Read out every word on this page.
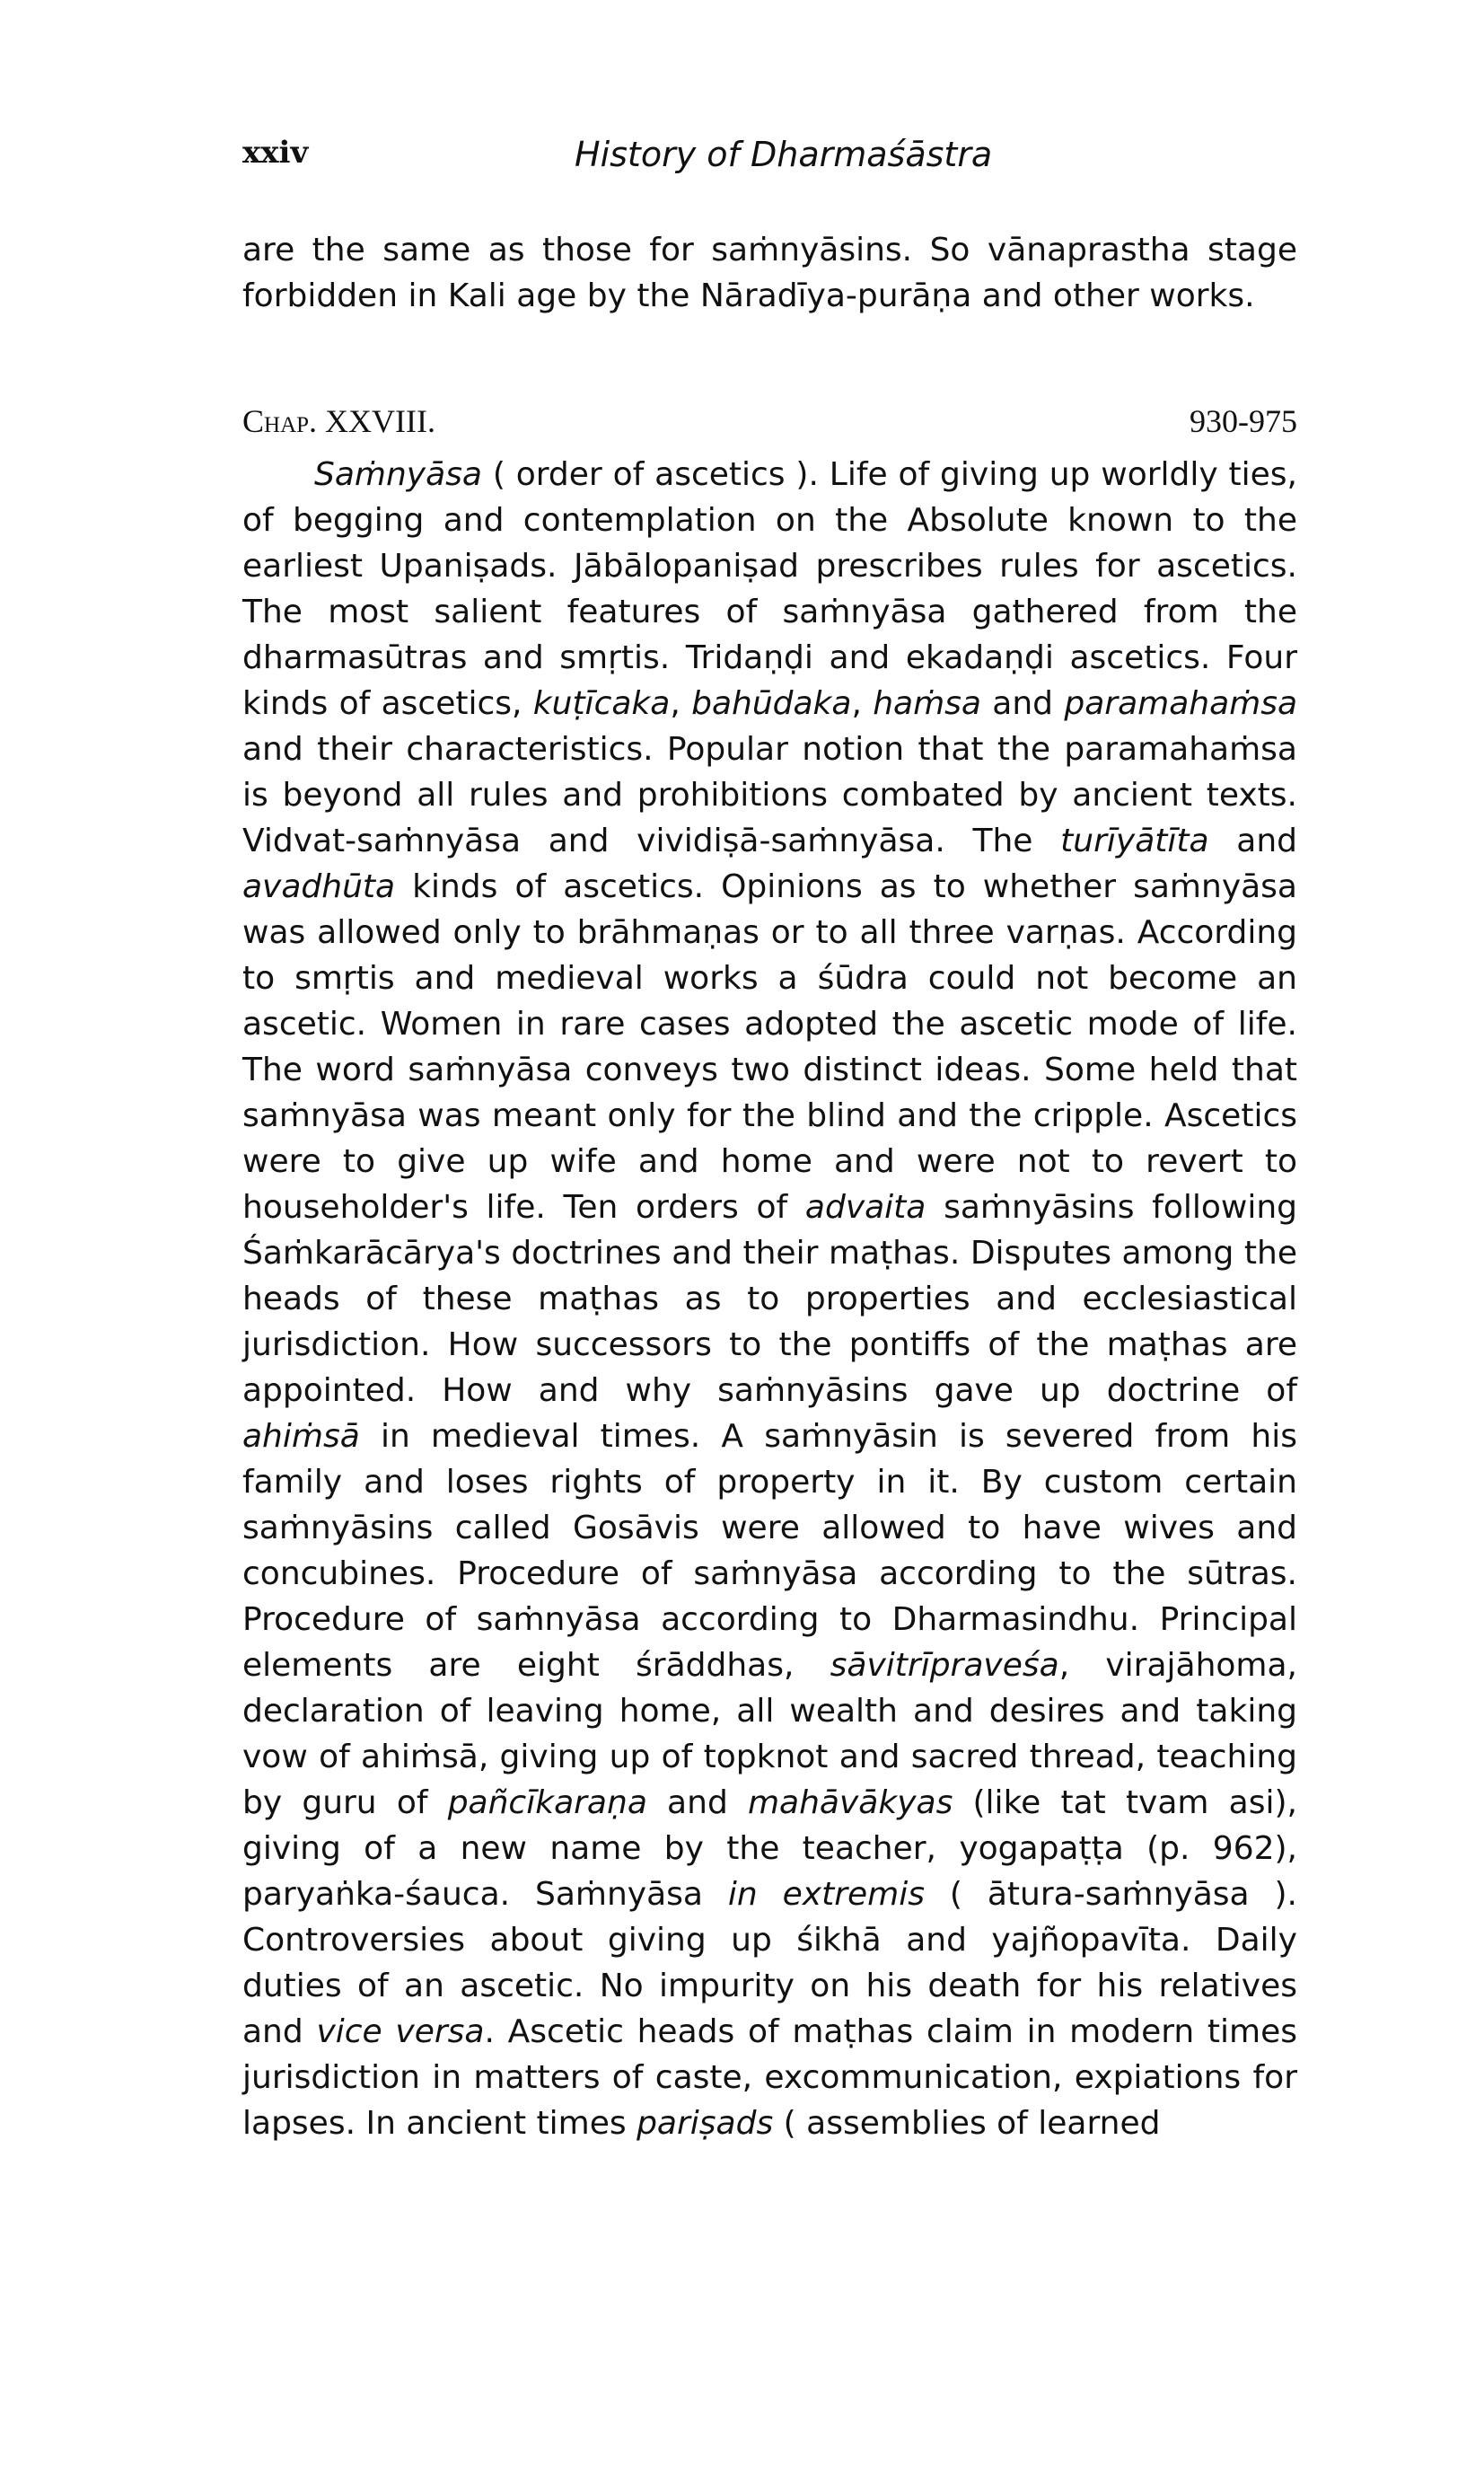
xxiv	History of Dharmaśāstra

are the same as those for saṁnyāsins. So vānaprastha stage forbidden in Kali age by the Nāradīya-purāṇa and other works.

Chap. XXVIII.	930-975

Saṁnyāsa ( order of ascetics ). Life of giving up worldly ties, of begging and contemplation on the Absolute known to the earliest Upaniṣads. Jābālopaniṣad prescribes rules for ascetics. The most salient features of saṁnyāsa gathered from the dharmasūtras and smṛtis. Tridaṇḍi and ekadaṇḍi ascetics. Four kinds of ascetics, kuṭīcaka, bahūdaka, haṁsa and paramahaṁsa and their characteristics. Popular notion that the paramahaṁsa is beyond all rules and prohibitions combated by ancient texts. Vidvat-saṁnyāsa and vividiṣā-saṁnyāsa. The turīyātīta and avadhūta kinds of ascetics. Opinions as to whether saṁnyāsa was allowed only to brāhmaṇas or to all three varṇas. According to smṛtis and medieval works a śūdra could not become an ascetic. Women in rare cases adopted the ascetic mode of life. The word saṁnyāsa conveys two distinct ideas. Some held that saṁnyāsa was meant only for the blind and the cripple. Ascetics were to give up wife and home and were not to revert to householder's life. Ten orders of advaita saṁnyāsins following Śaṁkarācārya's doctrines and their maṭhas. Disputes among the heads of these maṭhas as to properties and ecclesiastical jurisdiction. How successors to the pontiffs of the maṭhas are appointed. How and why saṁnyāsins gave up doctrine of ahiṁsā in medieval times. A saṁnyāsin is severed from his family and loses rights of property in it. By custom certain saṁnyāsins called Gosāvis were allowed to have wives and concubines. Procedure of saṁnyāsa according to the sūtras. Procedure of saṁnyāsa according to Dharmasindhu. Principal elements are eight śrāddhas, sāvitrīpraveśa, virajāhoma, declaration of leaving home, all wealth and desires and taking vow of ahiṁsā, giving up of topknot and sacred thread, teaching by guru of pañcīkaraṇa and mahāvākyas (like tat tvam asi), giving of a new name by the teacher, yogapaṭṭa (p. 962), paryaṅka-śauca. Saṁnyāsa in extremis ( ātura-saṁnyāsa ). Controversies about giving up śikhā and yajñopavīta. Daily duties of an ascetic. No impurity on his death for his relatives and vice versa. Ascetic heads of maṭhas claim in modern times jurisdiction in matters of caste, excommunication, expiations for lapses. In ancient times pariṣads ( assemblies of learned
